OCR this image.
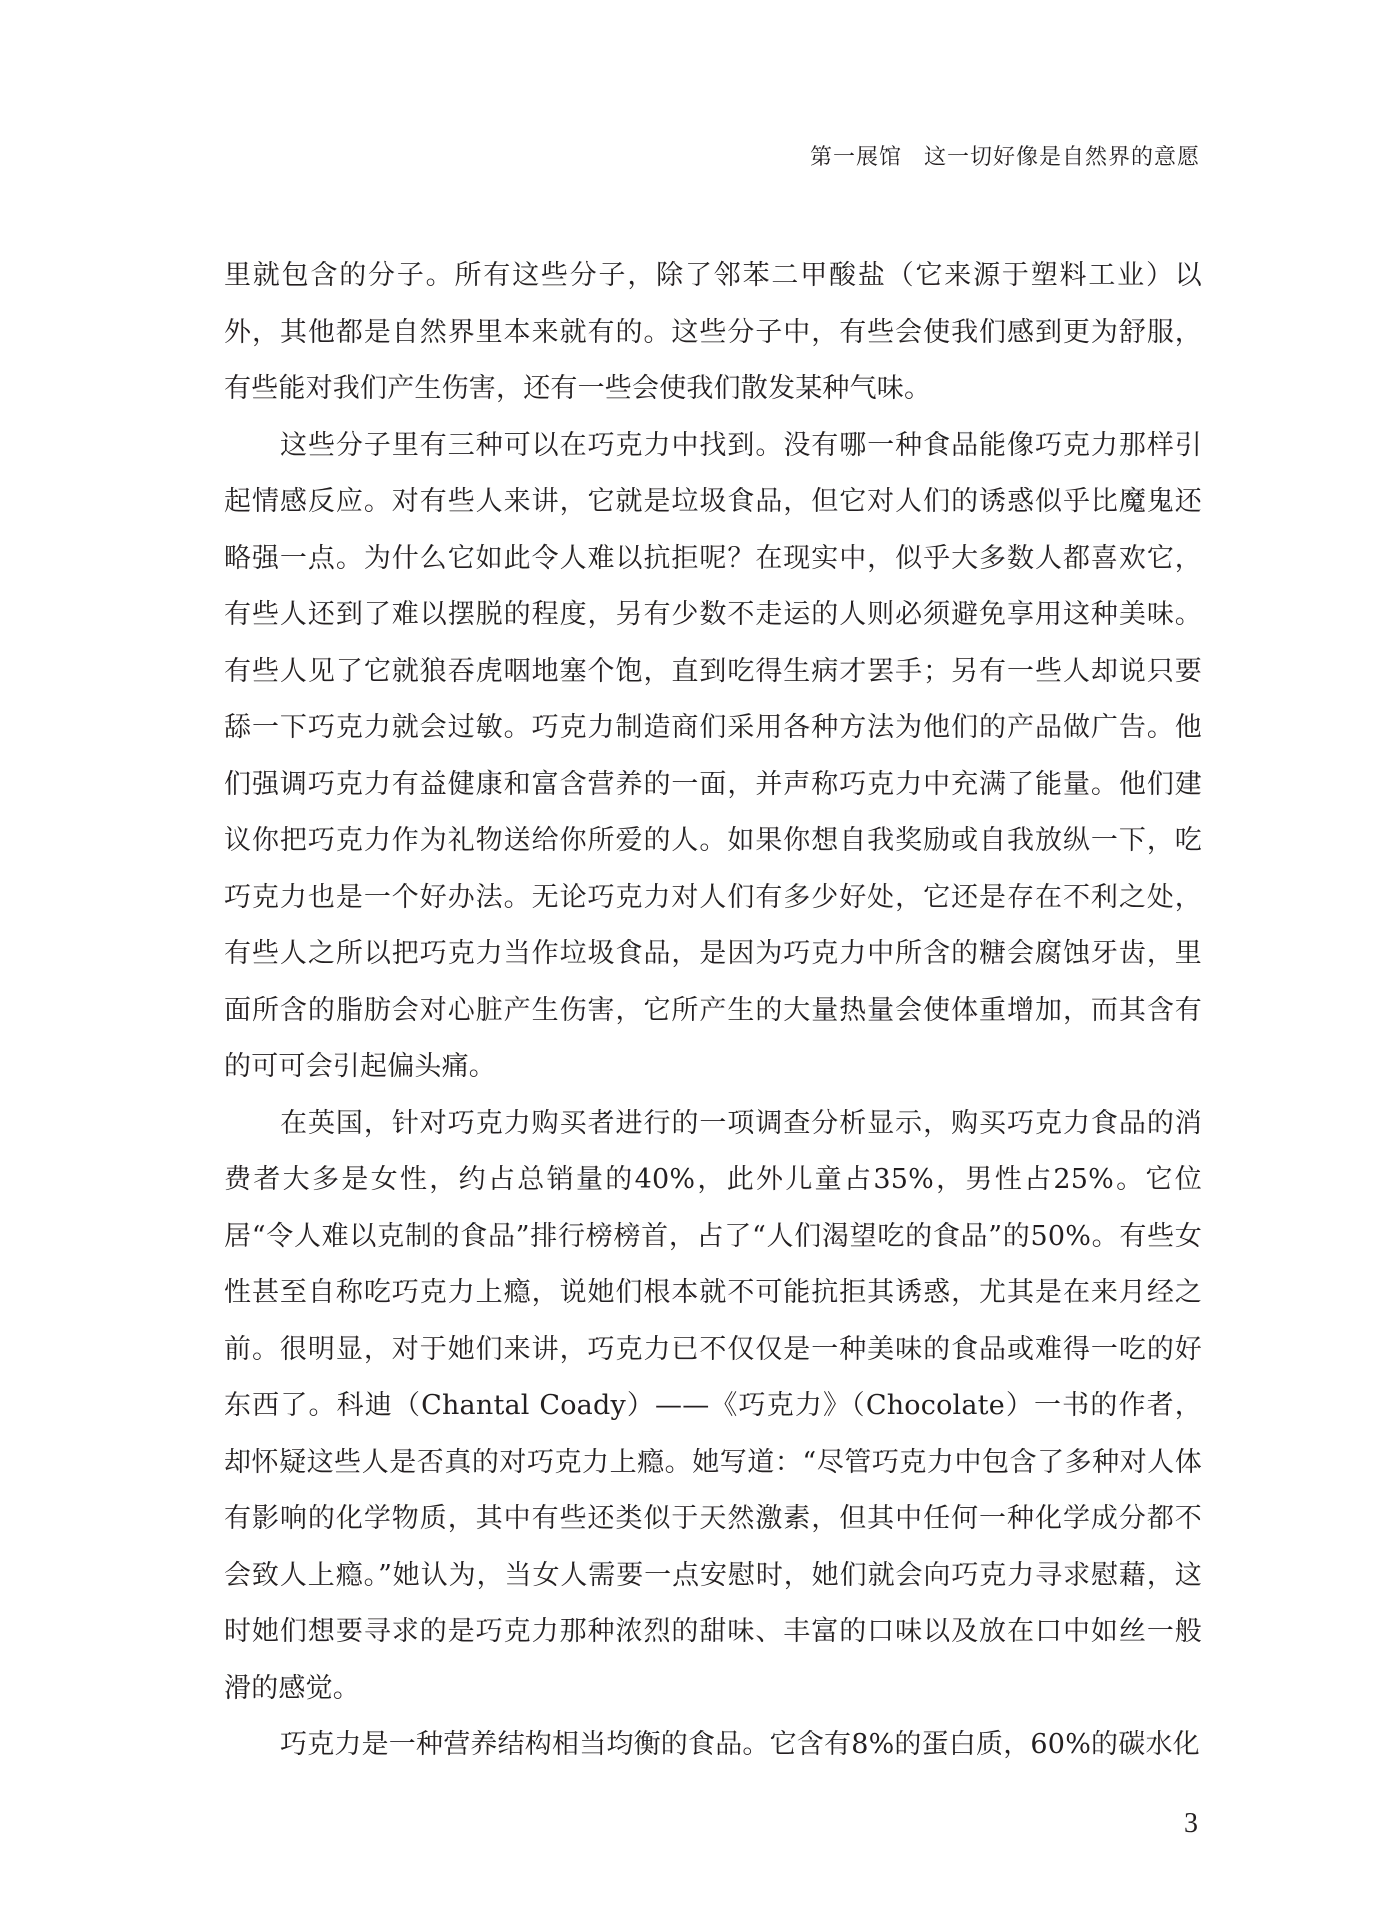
第一展馆 这一切好像是自然界的意愿

里就包含的分子。所有这些分子，除了邻苯二甲酸盐（它来源于塑料工业）以外，其他都是自然界里本来就有的。这些分子中，有些会使我们感到更为舒服，有些能对我们产生伤害，还有一些会使我们散发某种气味。

这些分子里有三种可以在巧克力中找到。没有哪一种食品能像巧克力那样引起情感反应。对有些人来讲，它就是垃圾食品，但它对人们的诱惑似乎比魔鬼还略强一点。为什么它如此令人难以抗拒呢？在现实中，似乎大多数人都喜欢它，有些人还到了难以摆脱的程度，另有少数不走运的人则必须避免享用这种美味。有些人见了它就狼吞虎咽地塞个饱，直到吃得生病才罢手；另有一些人却说只要舔一下巧克力就会过敏。巧克力制造商们采用各种方法为他们的产品做广告。他们强调巧克力有益健康和富含营养的一面，并声称巧克力中充满了能量。他们建议你把巧克力作为礼物送给你所爱的人。如果你想自我奖励或自我放纵一下，吃巧克力也是一个好办法。无论巧克力对人们有多少好处，它还是存在不利之处，有些人之所以把巧克力当作垃圾食品，是因为巧克力中所含的糖会腐蚀牙齿，里面所含的脂肪会对心脏产生伤害，它所产生的大量热量会使体重增加，而其含有的可可会引起偏头痛。

在英国，针对巧克力购买者进行的一项调查分析显示，购买巧克力食品的消费者大多是女性，约占总销量的40%，此外儿童占35%，男性占25%。它位居“令人难以克制的食品”排行榜榜首，占了“人们渴望吃的食品”的50%。有些女性甚至自称吃巧克力上瘾，说她们根本就不可能抗拒其诱惑，尤其是在来月经之前。很明显，对于她们来讲，巧克力已不仅仅是一种美味的食品或难得一吃的好东西了。科迪（Chantal Coady）——《巧克力》（Chocolate）一书的作者，却怀疑这些人是否真的对巧克力上瘾。她写道：“尽管巧克力中包含了多种对人体有影响的化学物质，其中有些还类似于天然激素，但其中任何一种化学成分都不会致人上瘾。”她认为，当女人需要一点安慰时，她们就会向巧克力寻求慰藉，这时她们想要寻求的是巧克力那种浓烈的甜味、丰富的口味以及放在口中如丝一般滑的感觉。

巧克力是一种营养结构相当均衡的食品。它含有8%的蛋白质，60%的碳水化

3
